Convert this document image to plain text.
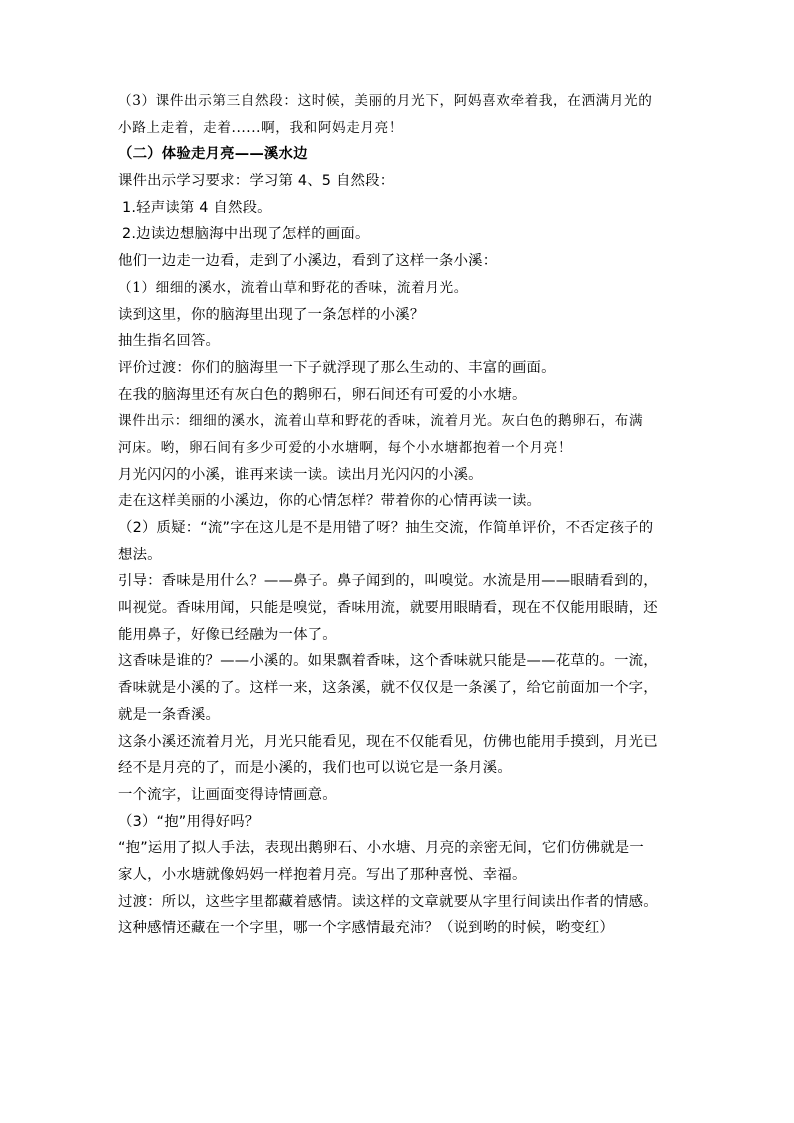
（3）课件出示第三自然段：这时候，美丽的月光下，阿妈喜欢牵着我，在洒满月光的
小路上走着，走着......啊，我和阿妈走月亮！
（二）体验走月亮——溪水边
课件出示学习要求：学习第 4、5 自然段：
1.轻声读第 4 自然段。
2.边读边想脑海中出现了怎样的画面。
他们一边走一边看，走到了小溪边，看到了这样一条小溪：
（1）细细的溪水，流着山草和野花的香味，流着月光。
读到这里，你的脑海里出现了一条怎样的小溪？
抽生指名回答。
评价过渡：你们的脑海里一下子就浮现了那么生动的、丰富的画面。
在我的脑海里还有灰白色的鹅卵石，卵石间还有可爱的小水塘。
课件出示：细细的溪水，流着山草和野花的香味，流着月光。灰白色的鹅卵石，布满
河床。哟，卵石间有多少可爱的小水塘啊，每个小水塘都抱着一个月亮！
月光闪闪的小溪，谁再来读一读。读出月光闪闪的小溪。
走在这样美丽的小溪边，你的心情怎样？带着你的心情再读一读。
（2）质疑：“流”字在这儿是不是用错了呀？抽生交流，作简单评价，不否定孩子的
想法。
引导：香味是用什么？——鼻子。鼻子闻到的，叫嗅觉。水流是用——眼睛看到的，
叫视觉。香味用闻，只能是嗅觉，香味用流，就要用眼睛看，现在不仅能用眼睛，还
能用鼻子，好像已经融为一体了。
这香味是谁的？——小溪的。如果飘着香味，这个香味就只能是——花草的。一流，
香味就是小溪的了。这样一来，这条溪，就不仅仅是一条溪了，给它前面加一个字，
就是一条香溪。
这条小溪还流着月光，月光只能看见，现在不仅能看见，仿佛也能用手摸到，月光已
经不是月亮的了，而是小溪的，我们也可以说它是一条月溪。
一个流字，让画面变得诗情画意。
（3）“抱”用得好吗？
“抱”运用了拟人手法，表现出鹅卵石、小水塘、月亮的亲密无间，它们仿佛就是一
家人，小水塘就像妈妈一样抱着月亮。写出了那种喜悦、幸福。
过渡：所以，这些字里都藏着感情。读这样的文章就要从字里行间读出作者的情感。
这种感情还藏在一个字里，哪一个字感情最充沛？（说到哟的时候，哟变红）
